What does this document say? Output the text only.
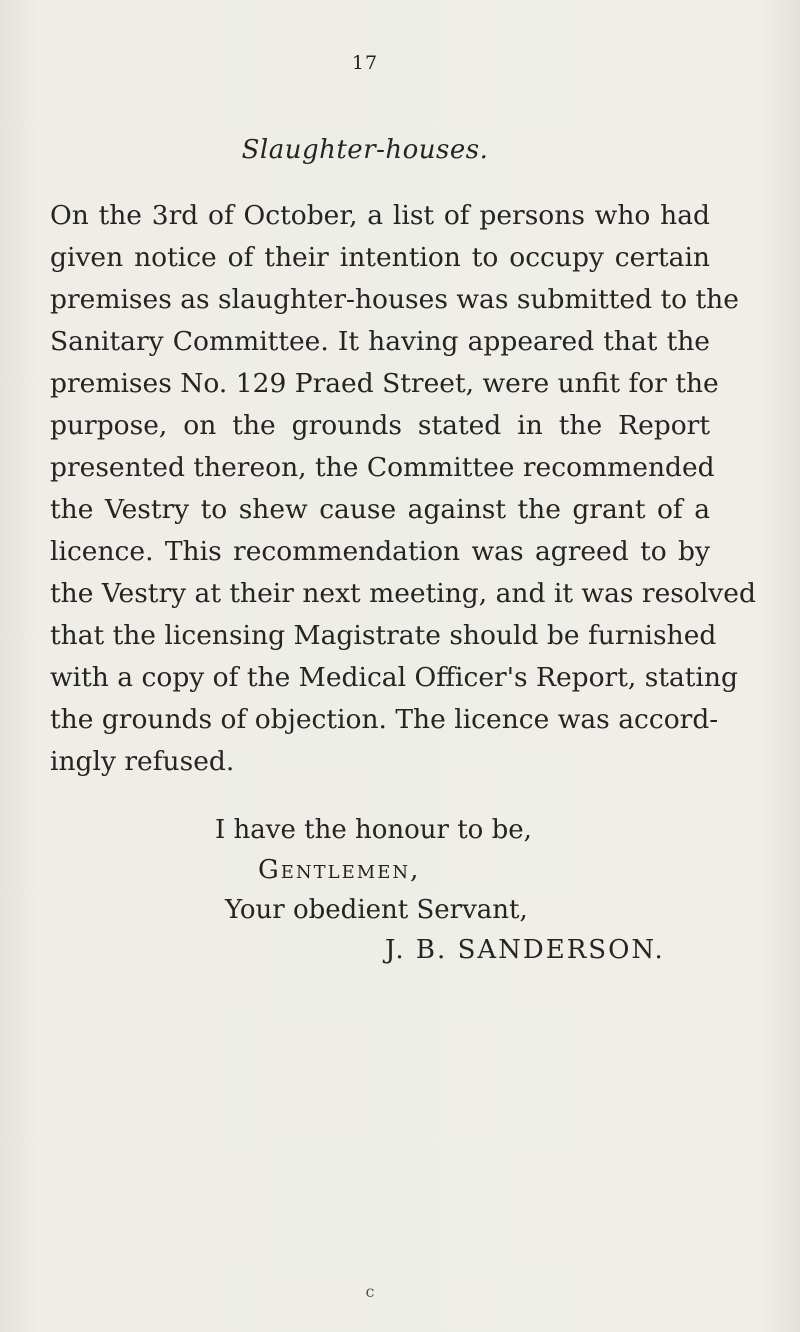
17
Slaughter-houses.
On the 3rd of October, a list of persons who had
given notice of their intention to occupy certain
premises as slaughter-houses was submitted to the
Sanitary Committee. It having appeared that the
premises No. 129 Praed Street, were unfit for the
purpose, on the grounds stated in the Report
presented thereon, the Committee recommended
the Vestry to shew cause against the grant of a
licence. This recommendation was agreed to by
the Vestry at their next meeting, and it was resolved
that the licensing Magistrate should be furnished
with a copy of the Medical Officer's Report, stating
the grounds of objection. The licence was accord-
ingly refused.
I have the honour to be,
Gentlemen,
Your obedient Servant,
J. B. SANDERSON.
c
